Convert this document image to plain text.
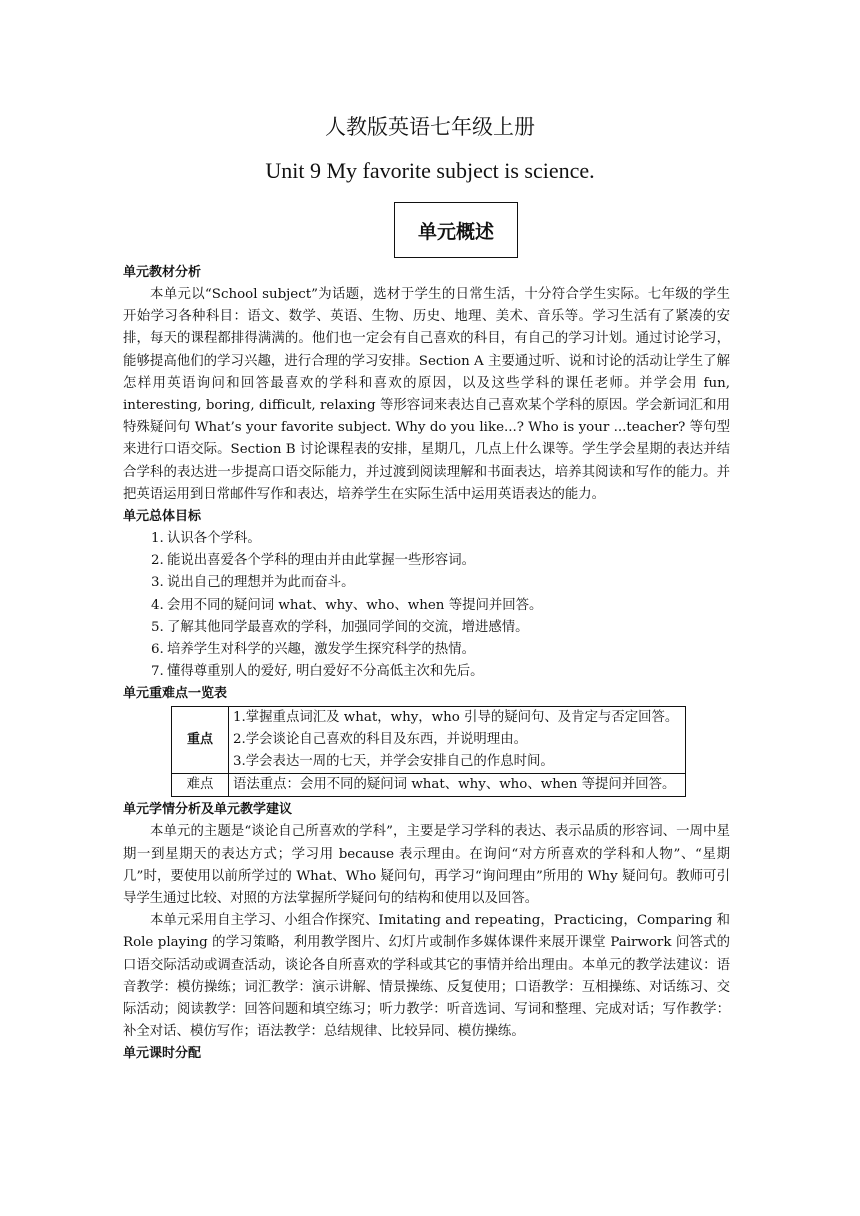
人教版英语七年级上册
Unit 9 My favorite subject is science.
单元概述

单元教材分析

本单元以“School subject”为话题，选材于学生的日常生活，十分符合学生实际。七年级的学生开始学习各种科目：语文、数学、英语、生物、历史、地理、美术、音乐等。学习生活有了紧凑的安排，每天的课程都排得满满的。他们也一定会有自己喜欢的科目，有自己的学习计划。通过讨论学习，能够提高他们的学习兴趣，进行合理的学习安排。Section A 主要通过听、说和讨论的活动让学生了解怎样用英语询问和回答最喜欢的学科和喜欢的原因，以及这些学科的课任老师。并学会用 fun, interesting, boring, difficult, relaxing 等形容词来表达自己喜欢某个学科的原因。学会新词汇和用特殊疑问句 What’s your favorite subject. Why do you like...? Who is your ...teacher? 等句型来进行口语交际。Section B 讨论课程表的安排，星期几，几点上什么课等。学生学会星期的表达并结合学科的表达进一步提高口语交际能力，并过渡到阅读理解和书面表达，培养其阅读和写作的能力。并把英语运用到日常邮件写作和表达，培养学生在实际生活中运用英语表达的能力。

单元总体目标

1. 认识各个学科。
2. 能说出喜爱各个学科的理由并由此掌握一些形容词。
3. 说出自己的理想并为此而奋斗。
4. 会用不同的疑问词 what、why、who、when 等提问并回答。
5. 了解其他同学最喜欢的学科，加强同学间的交流，增进感情。
6. 培养学生对科学的兴趣，激发学生探究科学的热情。
7. 懂得尊重别人的爱好, 明白爱好不分高低主次和先后。

单元重难点一览表

重点	1.掌握重点词汇及 what，why，who 引导的疑问句、及肯定与否定回答。
2.学会谈论自己喜欢的科目及东西，并说明理由。
3.学会表达一周的七天，并学会安排自己的作息时间。

难点	语法重点：会用不同的疑问词 what、why、who、when 等提问并回答。

单元学情分析及单元教学建议

本单元的主题是“谈论自己所喜欢的学科”，主要是学习学科的表达、表示品质的形容词、一周中星期一到星期天的表达方式；学习用 because 表示理由。在询问“对方所喜欢的学科和人物”、“星期几”时，要使用以前所学过的 What、Who 疑问句，再学习“询问理由”所用的 Why 疑问句。教师可引导学生通过比较、对照的方法掌握所学疑问句的结构和使用以及回答。

本单元采用自主学习、小组合作探究、Imitating and repeating，Practicing，Comparing 和 Role playing 的学习策略，利用教学图片、幻灯片或制作多媒体课件来展开课堂 Pairwork 问答式的口语交际活动或调查活动，谈论各自所喜欢的学科或其它的事情并给出理由。本单元的教学法建议：语音教学：模仿操练；词汇教学：演示讲解、情景操练、反复使用；口语教学：互相操练、对话练习、交际活动；阅读教学：回答问题和填空练习；听力教学：听音选词、写词和整理、完成对话；写作教学：补全对话、模仿写作；语法教学：总结规律、比较异同、模仿操练。

单元课时分配
